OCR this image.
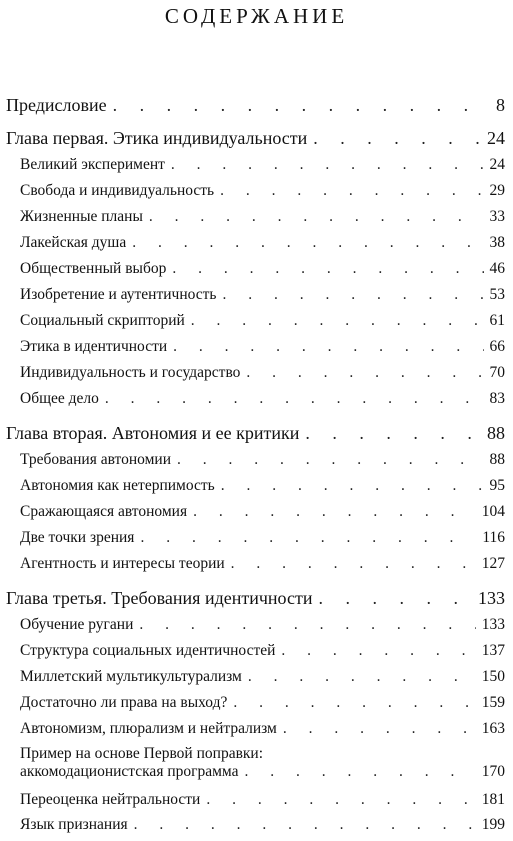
СОДЕРЖАНИЕ
Предисловие . . .	8
Глава первая. Этика индивидуальности . . .	24
Великий эксперимент . . .	24
Свобода и индивидуальность . . .	29
Жизненные планы . . .	33
Лакейская душа . . .	38
Общественный выбор . . .	46
Изобретение и аутентичность . . .	53
Социальный скрипторий . . .	61
Этика в идентичности . . .	66
Индивидуальность и государство . . .	70
Общее дело . . .	83
Глава вторая. Автономия и ее критики . . .	88
Требования автономии . . .	88
Автономия как нетерпимость . . .	95
Сражающаяся автономия . . .	104
Две точки зрения . . .	116
Агентность и интересы теории . . .	127
Глава третья. Требования идентичности . . .	133
Обучение ругани . . .	133
Структура социальных идентичностей . . .	137
Миллетский мультикультурализм . . .	150
Достаточно ли права на выход? . . .	159
Автономизм, плюрализм и нейтрализм . . .	163
Пример на основе Первой поправки:
аккомодационистская программа . . .	170
Переоценка нейтральности . . .	181
Язык признания . . .	199
